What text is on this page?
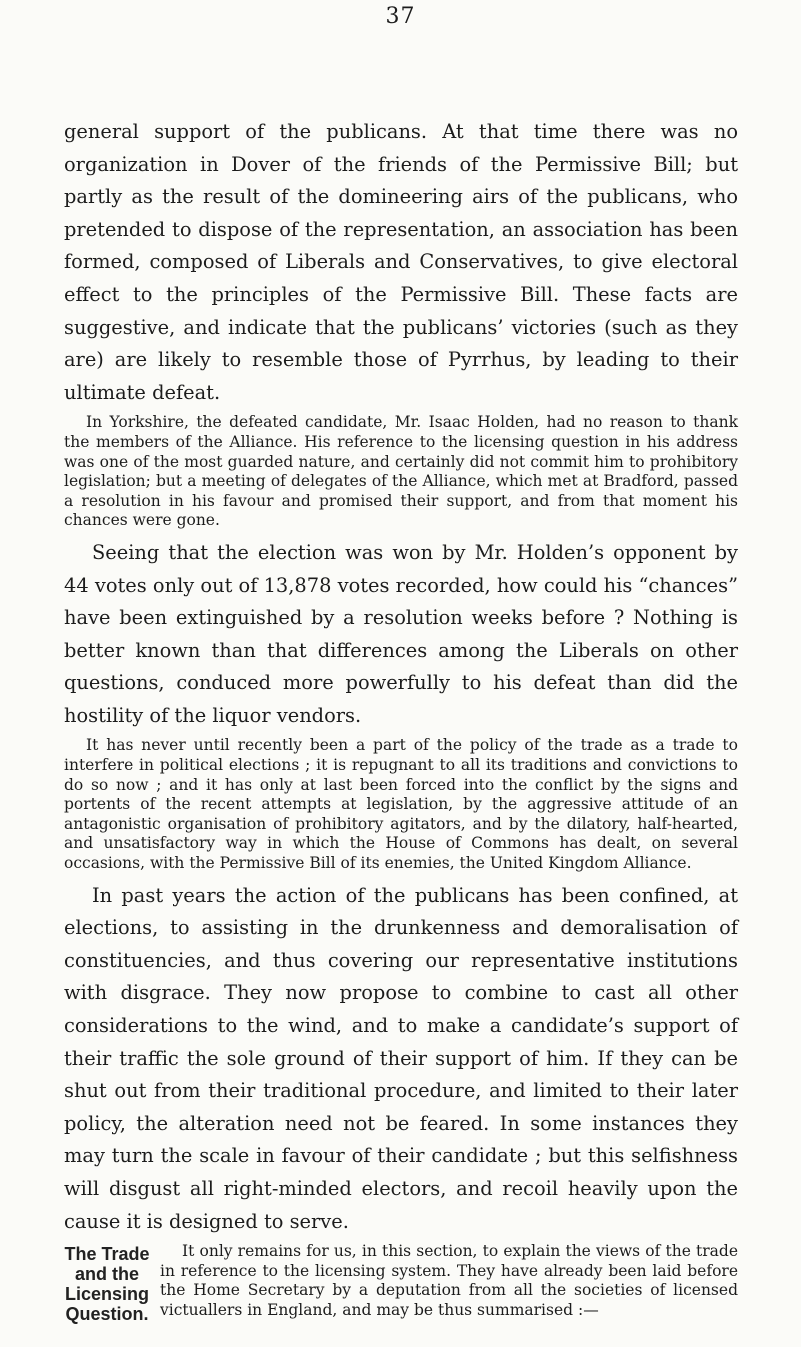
37

general support of the publicans. At that time there was no organization in Dover of the friends of the Permissive Bill; but partly as the result of the domineering airs of the publicans, who pretended to dispose of the representation, an association has been formed, composed of Liberals and Conservatives, to give electoral effect to the principles of the Permissive Bill. These facts are suggestive, and indicate that the publicans’ victories (such as they are) are likely to resemble those of Pyrrhus, by leading to their ultimate defeat.

In Yorkshire, the defeated candidate, Mr. Isaac Holden, had no reason to thank the members of the Alliance. His reference to the licensing question in his address was one of the most guarded nature, and certainly did not commit him to prohibitory legislation; but a meeting of delegates of the Alliance, which met at Bradford, passed a resolution in his favour and promised their support, and from that moment his chances were gone.

Seeing that the election was won by Mr. Holden’s opponent by 44 votes only out of 13,878 votes recorded, how could his “chances” have been extinguished by a resolution weeks before ? Nothing is better known than that differences among the Liberals on other questions, conduced more powerfully to his defeat than did the hostility of the liquor vendors.

It has never until recently been a part of the policy of the trade as a trade to interfere in political elections ; it is repugnant to all its traditions and convictions to do so now ; and it has only at last been forced into the conflict by the signs and portents of the recent attempts at legislation, by the aggressive attitude of an antagonistic organisation of prohibitory agitators, and by the dilatory, half-hearted, and unsatisfactory way in which the House of Commons has dealt, on several occasions, with the Permissive Bill of its enemies, the United Kingdom Alliance.

In past years the action of the publicans has been confined, at elections, to assisting in the drunkenness and demoralisation of constituencies, and thus covering our representative institutions with disgrace. They now propose to combine to cast all other considerations to the wind, and to make a candidate’s support of their traffic the sole ground of their support of him. If they can be shut out from their traditional procedure, and limited to their later policy, the alteration need not be feared. In some instances they may turn the scale in favour of their candidate ; but this selfishness will disgust all right-minded electors, and recoil heavily upon the cause it is designed to serve.

The Trade
and the
Licensing
Question.

It only remains for us, in this section, to explain the views of the trade in reference to the licensing system. They have already been laid before the Home Secretary by a deputation from all the societies of licensed victuallers in England, and may be thus summarised :—
